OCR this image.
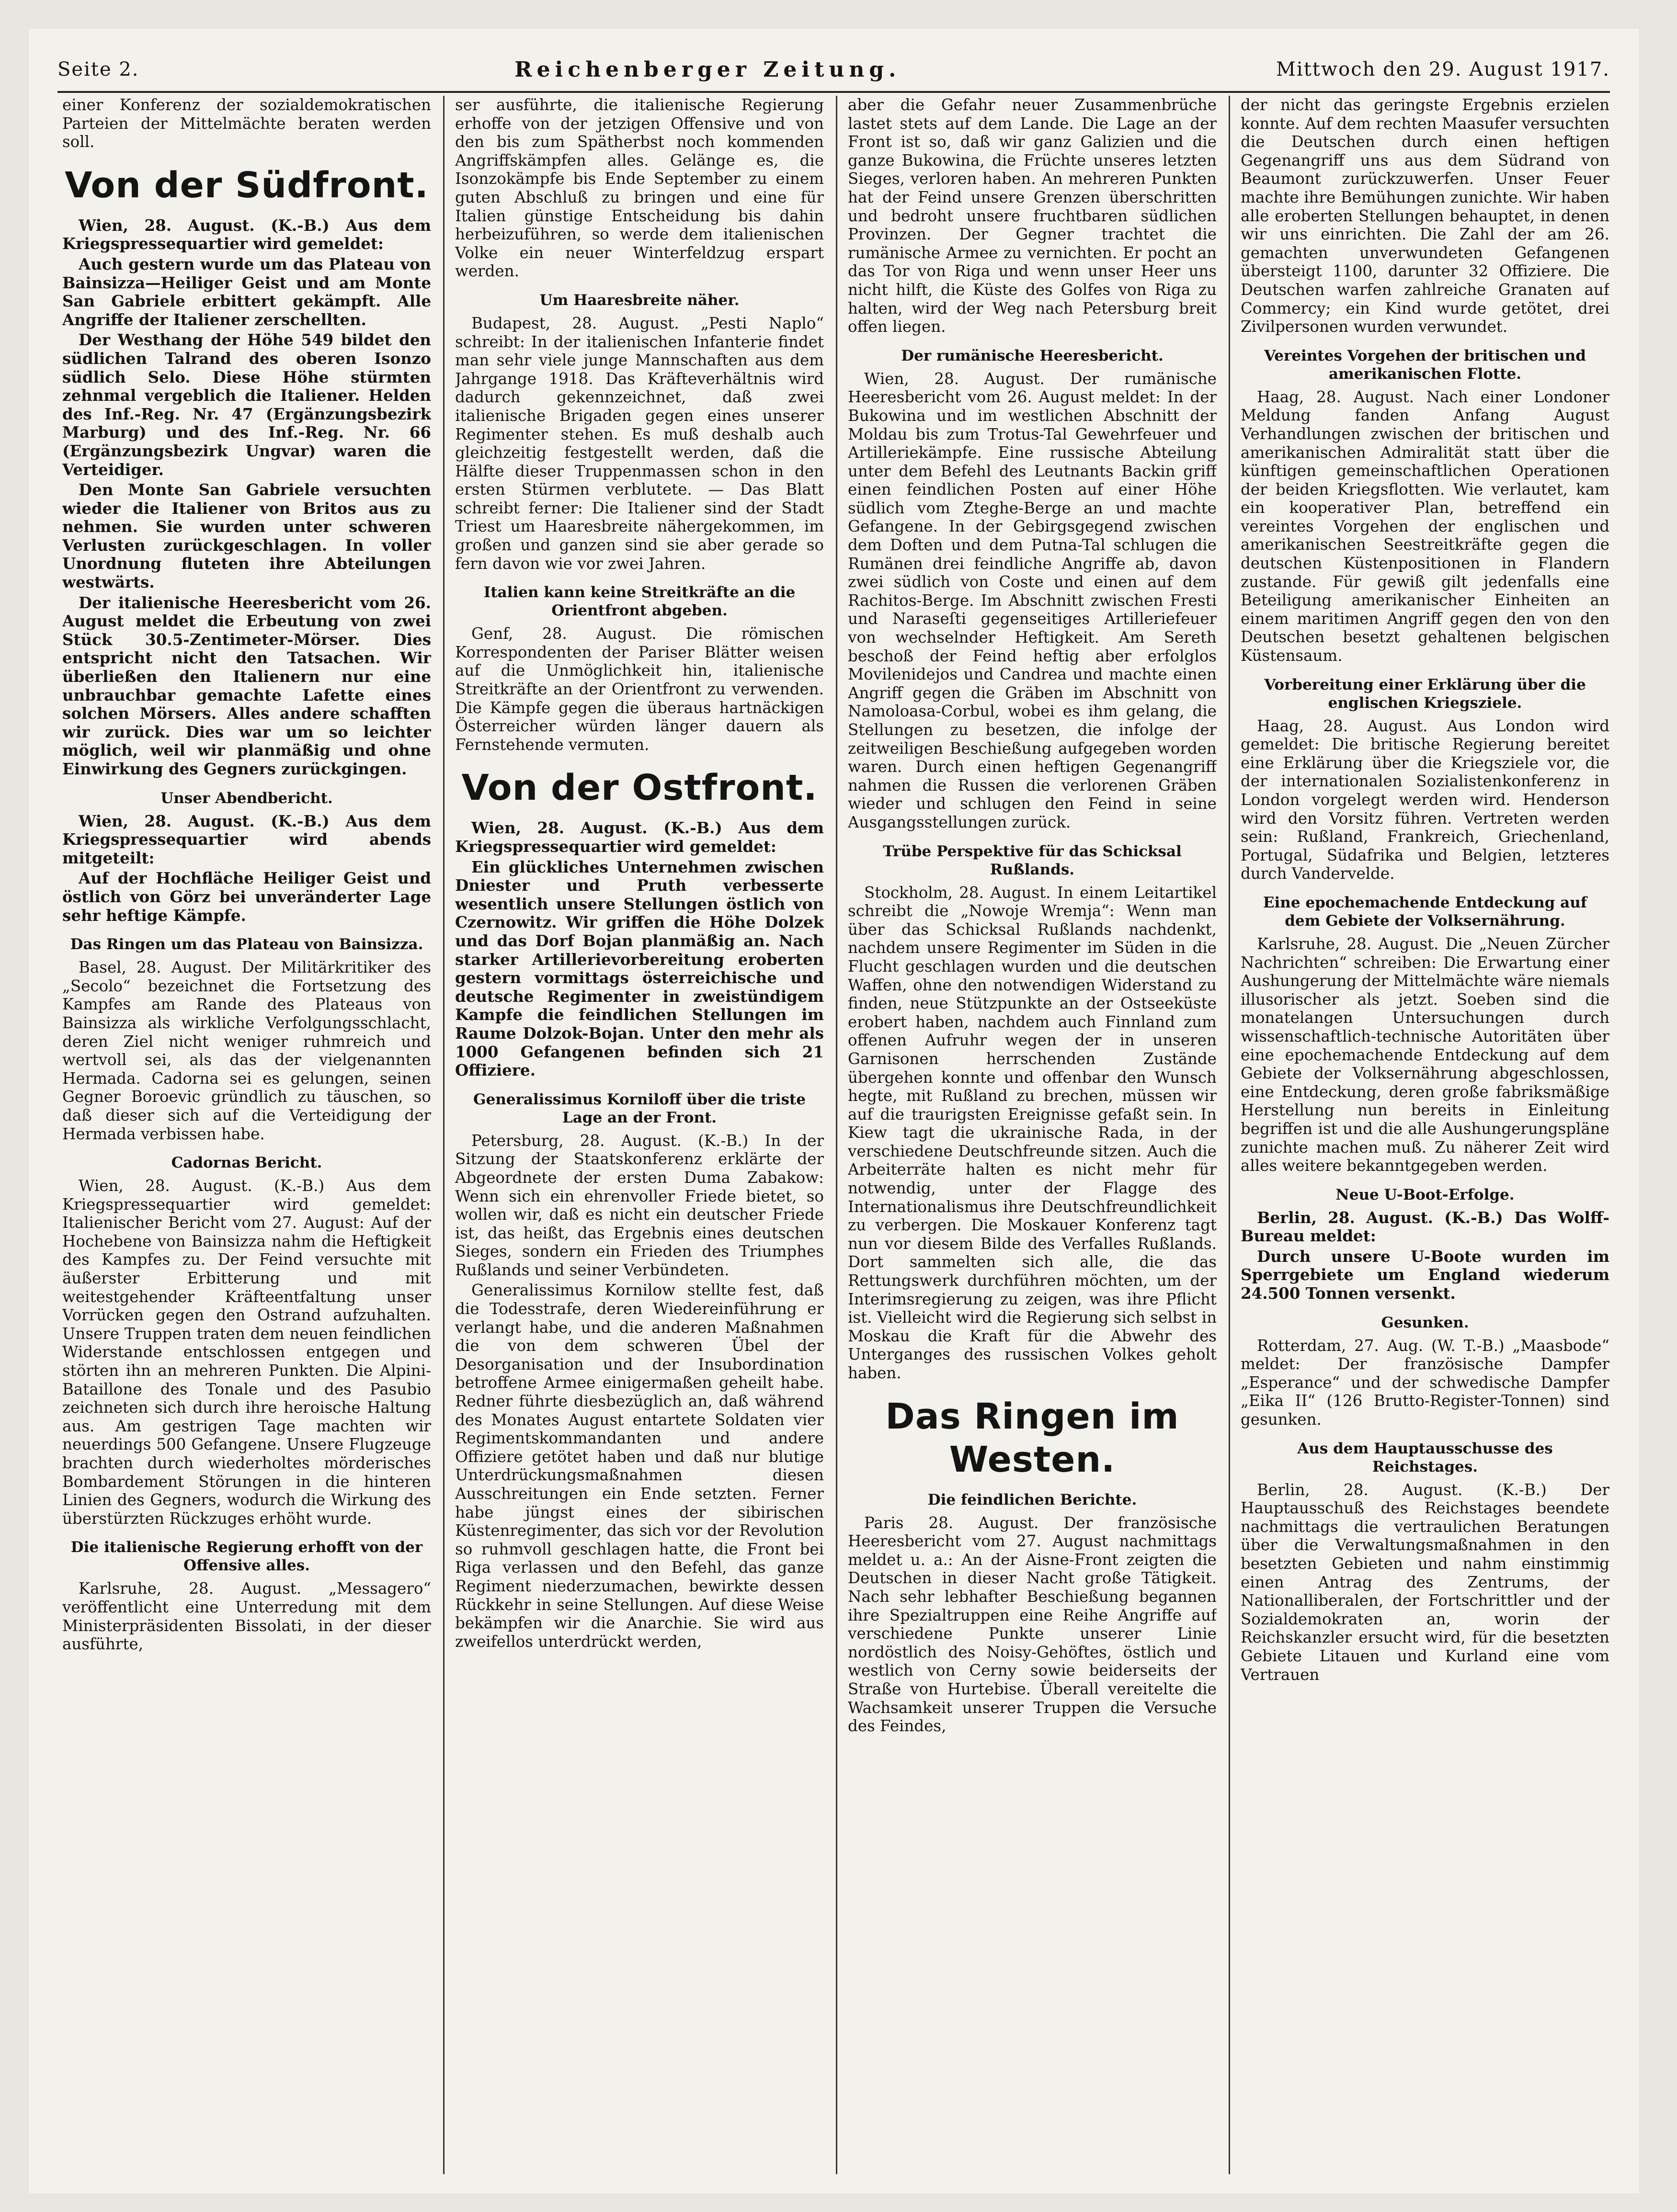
Seite 2.	Reichenberger Zeitung.	Mittwoch den 29. August 1917.

einer Konferenz der sozialdemokratischen Parteien der Mittelmächte beraten werden soll.

Von der Südfront.

Wien, 28. August. (K.-B.) Aus dem Kriegspressequartier wird gemeldet:

Auch gestern wurde um das Plateau von Bainsizza—Heiliger Geist und am Monte San Gabriele erbittert gekämpft. Alle Angriffe der Italiener zerschellten.

Der Westhang der Höhe 549 bildet den südlichen Talrand des oberen Isonzo südlich Selo. Diese Höhe stürmten zehnmal vergeblich die Italiener. Helden des Inf.-Reg. Nr. 47 (Ergänzungsbezirk Marburg) und des Inf.-Reg. Nr. 66 (Ergänzungsbezirk Ungvar) waren die Verteidiger.

Den Monte San Gabriele versuchten wieder die Italiener von Britos aus zu nehmen. Sie wurden unter schweren Verlusten zurückgeschlagen. In voller Unordnung fluteten ihre Abteilungen westwärts.

Der italienische Heeresbericht vom 26. August meldet die Erbeutung von zwei Stück 30.5-Zentimeter-Mörser. Dies entspricht nicht den Tatsachen. Wir überließen den Italienern nur eine unbrauchbar gemachte Lafette eines solchen Mörsers. Alles andere schafften wir zurück. Dies war um so leichter möglich, weil wir planmäßig und ohne Einwirkung des Gegners zurückgingen.

Unser Abendbericht.

Wien, 28. August. (K.-B.) Aus dem Kriegspressequartier wird abends mitgeteilt:

Auf der Hochfläche Heiliger Geist und östlich von Görz bei unveränderter Lage sehr heftige Kämpfe.

Das Ringen um das Plateau von Bainsizza.

Basel, 28. August. Der Militärkritiker des „Secolo“ bezeichnet die Fortsetzung des Kampfes am Rande des Plateaus von Bainsizza als wirkliche Verfolgungsschlacht, deren Ziel nicht weniger ruhmreich und wertvoll sei, als das der vielgenannten Hermada. Cadorna sei es gelungen, seinen Gegner Boroevic gründlich zu täuschen, so daß dieser sich auf die Verteidigung der Hermada verbissen habe.

Cadornas Bericht.

Wien, 28. August. (K.-B.) Aus dem Kriegspressequartier wird gemeldet: Italienischer Bericht vom 27. August: Auf der Hochebene von Bainsizza nahm die Heftigkeit des Kampfes zu. Der Feind versuchte mit äußerster Erbitterung und mit weitestgehender Kräfteentfaltung unser Vorrücken gegen den Ostrand aufzuhalten. Unsere Truppen traten dem neuen feindlichen Widerstande entschlossen entgegen und störten ihn an mehreren Punkten. Die Alpini-Bataillone des Tonale und des Pasubio zeichneten sich durch ihre heroische Haltung aus. Am gestrigen Tage machten wir neuerdings 500 Gefangene. Unsere Flugzeuge brachten durch wiederholtes mörderisches Bombardement Störungen in die hinteren Linien des Gegners, wodurch die Wirkung des überstürzten Rückzuges erhöht wurde.

Die italienische Regierung erhofft von der Offensive alles.

Karlsruhe, 28. August. „Messagero“ veröffentlicht eine Unterredung mit dem Ministerpräsidenten Bissolati, in der dieser ausführte,

ser ausführte, die italienische Regierung erhoffe von der jetzigen Offensive und von den bis zum Spätherbst noch kommenden Angriffskämpfen alles. Gelänge es, die Isonzokämpfe bis Ende September zu einem guten Abschluß zu bringen und eine für Italien günstige Entscheidung bis dahin herbeizuführen, so werde dem italienischen Volke ein neuer Winterfeldzug erspart werden.

Um Haaresbreite näher.

Budapest, 28. August. „Pesti Naplo“ schreibt: In der italienischen Infanterie findet man sehr viele junge Mannschaften aus dem Jahrgange 1918. Das Kräfteverhältnis wird dadurch gekennzeichnet, daß zwei italienische Brigaden gegen eines unserer Regimenter stehen. Es muß deshalb auch gleichzeitig festgestellt werden, daß die Hälfte dieser Truppenmassen schon in den ersten Stürmen verblutete. — Das Blatt schreibt ferner: Die Italiener sind der Stadt Triest um Haaresbreite nähergekommen, im großen und ganzen sind sie aber gerade so fern davon wie vor zwei Jahren.

Italien kann keine Streitkräfte an die Orientfront abgeben.

Genf, 28. August. Die römischen Korrespondenten der Pariser Blätter weisen auf die Unmöglichkeit hin, italienische Streitkräfte an der Orientfront zu verwenden. Die Kämpfe gegen die überaus hartnäckigen Österreicher würden länger dauern als Fernstehende vermuten.

Von der Ostfront.

Wien, 28. August. (K.-B.) Aus dem Kriegspressequartier wird gemeldet:

Ein glückliches Unternehmen zwischen Dniester und Pruth verbesserte wesentlich unsere Stellungen östlich von Czernowitz. Wir griffen die Höhe Dolzek und das Dorf Bojan planmäßig an. Nach starker Artillerievorbereitung eroberten gestern vormittags österreichische und deutsche Regimenter in zweistündigem Kampfe die feindlichen Stellungen im Raume Dolzok-Bojan. Unter den mehr als 1000 Gefangenen befinden sich 21 Offiziere.

Generalissimus Korniloff über die triste Lage an der Front.

Petersburg, 28. August. (K.-B.) In der Sitzung der Staatskonferenz erklärte der Abgeordnete der ersten Duma Zabakow: Wenn sich ein ehrenvoller Friede bietet, so wollen wir, daß es nicht ein deutscher Friede ist, das heißt, das Ergebnis eines deutschen Sieges, sondern ein Frieden des Triumphes Rußlands und seiner Verbündeten.

Generalissimus Kornilow stellte fest, daß die Todesstrafe, deren Wiedereinführung er verlangt habe, und die anderen Maßnahmen die von dem schweren Übel der Desorganisation und der Insubordination betroffene Armee einigermaßen geheilt habe. Redner führte diesbezüglich an, daß während des Monates August entartete Soldaten vier Regimentskommandanten und andere Offiziere getötet haben und daß nur blutige Unterdrückungsmaßnahmen diesen Ausschreitungen ein Ende setzten. Ferner habe jüngst eines der sibirischen Küstenregimenter, das sich vor der Revolution so ruhmvoll geschlagen hatte, die Front bei Riga verlassen und den Befehl, das ganze Regiment niederzumachen, bewirkte dessen Rückkehr in seine Stellungen. Auf diese Weise bekämpfen wir die Anarchie. Sie wird aus zweifellos unterdrückt werden,

aber die Gefahr neuer Zusammenbrüche lastet stets auf dem Lande. Die Lage an der Front ist so, daß wir ganz Galizien und die ganze Bukowina, die Früchte unseres letzten Sieges, verloren haben. An mehreren Punkten hat der Feind unsere Grenzen überschritten und bedroht unsere fruchtbaren südlichen Provinzen. Der Gegner trachtet die rumänische Armee zu vernichten. Er pocht an das Tor von Riga und wenn unser Heer uns nicht hilft, die Küste des Golfes von Riga zu halten, wird der Weg nach Petersburg breit offen liegen.

Der rumänische Heeresbericht.

Wien, 28. August. Der rumänische Heeresbericht vom 26. August meldet: In der Bukowina und im westlichen Abschnitt der Moldau bis zum Trotus-Tal Gewehrfeuer und Artilleriekämpfe. Eine russische Abteilung unter dem Befehl des Leutnants Backin griff einen feindlichen Posten auf einer Höhe südlich vom Zteghe-Berge an und machte Gefangene. In der Gebirgsgegend zwischen dem Doften und dem Putna-Tal schlugen die Rumänen drei feindliche Angriffe ab, davon zwei südlich von Coste und einen auf dem Rachitos-Berge. Im Abschnitt zwischen Fresti und Naraseſti gegenseitiges Artilleriefeuer von wechselnder Heftigkeit. Am Sereth beschoß der Feind heftig aber erfolglos Movilenidejos und Candrea und machte einen Angriff gegen die Gräben im Abschnitt von Namoloasa-Corbul, wobei es ihm gelang, die Stellungen zu besetzen, die infolge der zeitweiligen Beschießung aufgegeben worden waren. Durch einen heftigen Gegenangriff nahmen die Russen die verlorenen Gräben wieder und schlugen den Feind in seine Ausgangsstellungen zurück.

Trübe Perspektive für das Schicksal Rußlands.

Stockholm, 28. August. In einem Leitartikel schreibt die „Nowoje Wremja“: Wenn man über das Schicksal Rußlands nachdenkt, nachdem unsere Regimenter im Süden in die Flucht geschlagen wurden und die deutschen Waffen, ohne den notwendigen Widerstand zu finden, neue Stützpunkte an der Ostseeküste erobert haben, nachdem auch Finnland zum offenen Aufruhr wegen der in unseren Garnisonen herrschenden Zustände übergehen konnte und offenbar den Wunsch hegte, mit Rußland zu brechen, müssen wir auf die traurigsten Ereignisse gefaßt sein. In Kiew tagt die ukrainische Rada, in der verschiedene Deutschfreunde sitzen. Auch die Arbeiterräte halten es nicht mehr für notwendig, unter der Flagge des Internationalismus ihre Deutschfreundlichkeit zu verbergen. Die Moskauer Konferenz tagt nun vor diesem Bilde des Verfalles Rußlands. Dort sammelten sich alle, die das Rettungswerk durchführen möchten, um der Interimsregierung zu zeigen, was ihre Pflicht ist. Vielleicht wird die Regierung sich selbst in Moskau die Kraft für die Abwehr des Unterganges des russischen Volkes geholt haben.

Das Ringen im Westen.
Die feindlichen Berichte.

Paris 28. August. Der französische Heeresbericht vom 27. August nachmittags meldet u. a.: An der Aisne-Front zeigten die Deutschen in dieser Nacht große Tätigkeit. Nach sehr lebhafter Beschießung begannen ihre Spezialtruppen eine Reihe Angriffe auf verschiedene Punkte unserer Linie nordöstlich des Noisy-Gehöftes, östlich und westlich von Cerny sowie beiderseits der Straße von Hurtebise. Überall vereitelte die Wachsamkeit unserer Truppen die Versuche des Feindes,

der nicht das geringste Ergebnis erzielen konnte. Auf dem rechten Maasufer versuchten die Deutschen durch einen heftigen Gegenangriff uns aus dem Südrand von Beaumont zurückzuwerfen. Unser Feuer machte ihre Bemühungen zunichte. Wir haben alle eroberten Stellungen behauptet, in denen wir uns einrichten. Die Zahl der am 26. gemachten unverwundeten Gefangenen übersteigt 1100, darunter 32 Offiziere. Die Deutschen warfen zahlreiche Granaten auf Commercy; ein Kind wurde getötet, drei Zivilpersonen wurden verwundet.

Vereintes Vorgehen der britischen und amerikanischen Flotte.

Haag, 28. August. Nach einer Londoner Meldung fanden Anfang August Verhandlungen zwischen der britischen und amerikanischen Admiralität statt über die künftigen gemeinschaftlichen Operationen der beiden Kriegsflotten. Wie verlautet, kam ein kooperativer Plan, betreffend ein vereintes Vorgehen der englischen und amerikanischen Seestreitkräfte gegen die deutschen Küstenpositionen in Flandern zustande. Für gewiß gilt jedenfalls eine Beteiligung amerikanischer Einheiten an einem maritimen Angriff gegen den von den Deutschen besetzt gehaltenen belgischen Küstensaum.

Vorbereitung einer Erklärung über die englischen Kriegsziele.

Haag, 28. August. Aus London wird gemeldet: Die britische Regierung bereitet eine Erklärung über die Kriegsziele vor, die der internationalen Sozialistenkonferenz in London vorgelegt werden wird. Henderson wird den Vorsitz führen. Vertreten werden sein: Rußland, Frankreich, Griechenland, Portugal, Südafrika und Belgien, letzteres durch Vandervelde.

Eine epochemachende Entdeckung auf dem Gebiete der Volksernährung.

Karlsruhe, 28. August. Die „Neuen Zürcher Nachrichten“ schreiben: Die Erwartung einer Aushungerung der Mittelmächte wäre niemals illusorischer als jetzt. Soeben sind die monatelangen Untersuchungen durch wissenschaftlich-technische Autoritäten über eine epochemachende Entdeckung auf dem Gebiete der Volksernährung abgeschlossen, eine Entdeckung, deren große fabriksmäßige Herstellung nun bereits in Einleitung begriffen ist und die alle Aushungerungspläne zunichte machen muß. Zu näherer Zeit wird alles weitere bekanntgegeben werden.

Neue U-Boot-Erfolge.

Berlin, 28. August. (K.-B.) Das Wolff-Bureau meldet:

Durch unsere U-Boote wurden im Sperrgebiete um England wiederum 24.500 Tonnen versenkt.

Gesunken.

Rotterdam, 27. Aug. (W. T.-B.) „Maasbode“ meldet: Der französische Dampfer „Esperance“ und der schwedische Dampfer „Eika II“ (126 Brutto-Register-Tonnen) sind gesunken.

Aus dem Hauptausschusse des Reichstages.

Berlin, 28. August. (K.-B.) Der Hauptausschuß des Reichstages beendete nachmittags die vertraulichen Beratungen über die Verwaltungsmaßnahmen in den besetzten Gebieten und nahm einstimmig einen Antrag des Zentrums, der Nationalliberalen, der Fortschrittler und der Sozialdemokraten an, worin der Reichskanzler ersucht wird, für die besetzten Gebiete Litauen und Kurland eine vom Vertrauen
